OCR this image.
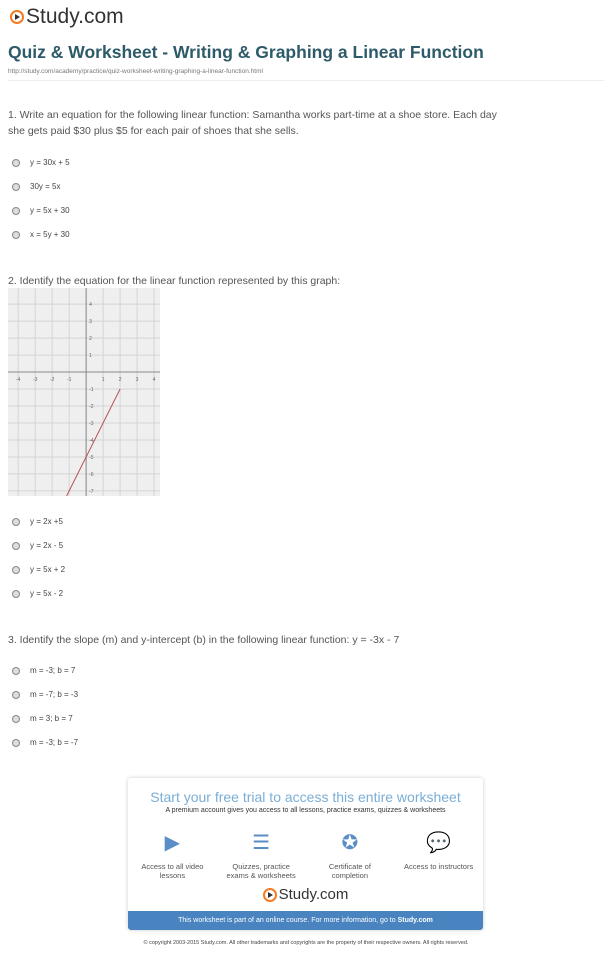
Study.com
Quiz & Worksheet - Writing & Graphing a Linear Function
http://study.com/academy/practice/quiz-worksheet-writing-graphing-a-linear-function.html
1. Write an equation for the following linear function: Samantha works part-time at a shoe store. Each day she gets paid $30 plus $5 for each pair of shoes that she sells.
2. Identify the equation for the linear function represented by this graph:
3. Identify the slope (m) and y-intercept (b) in the following linear function: y = -3x - 7
y = 30x + 5
30y = 5x
y = 5x + 30
x = 5y + 30
y = 2x +5
y = 2x - 5
y = 5x + 2
y = 5x - 2
m = -3; b = 7
m = -7; b = -3
m = 3; b = 7
m = -3; b = -7
-4	-3	-2	-1	1	2	3	4
4
3
2
1
-1
-2
-3
-4
-5
-6
-7
Start your free trial to access this entire worksheet
A premium account gives you access to all lessons, practice exams, quizzes & worksheets
▶
Access to all video lessons
☰
Quizzes, practice exams & worksheets
✪
Certificate of completion
💬
Access to instructors
Study.com
This worksheet is part of an online course. For more information, go to Study.com
© copyright 2003-2015 Study.com. All other trademarks and copyrights are the property of their respective owners. All rights reserved.
